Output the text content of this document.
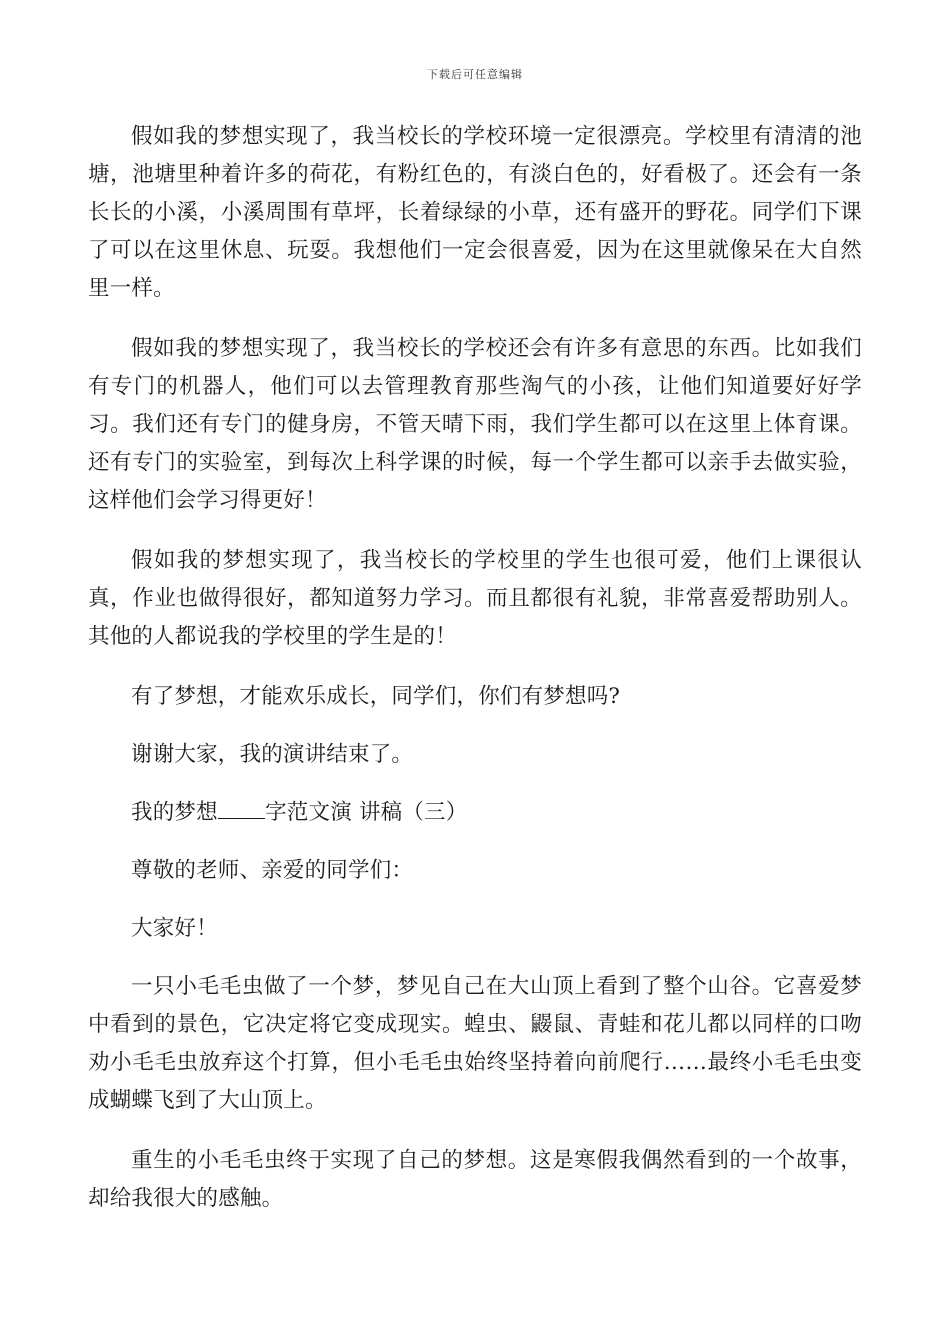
下载后可任意编辑

假如我的梦想实现了，我当校长的学校环境一定很漂亮。学校里有清清的池塘，池塘里种着许多的荷花，有粉红色的，有淡白色的，好看极了。还会有一条长长的小溪，小溪周围有草坪，长着绿绿的小草，还有盛开的野花。同学们下课了可以在这里休息、玩耍。我想他们一定会很喜爱，因为在这里就像呆在大自然里一样。

假如我的梦想实现了，我当校长的学校还会有许多有意思的东西。比如我们有专门的机器人，他们可以去管理教育那些淘气的小孩，让他们知道要好好学习。我们还有专门的健身房，不管天晴下雨，我们学生都可以在这里上体育课。还有专门的实验室，到每次上科学课的时候，每一个学生都可以亲手去做实验，这样他们会学习得更好！

假如我的梦想实现了，我当校长的学校里的学生也很可爱，他们上课很认真，作业也做得很好，都知道努力学习。而且都很有礼貌，非常喜爱帮助别人。其他的人都说我的学校里的学生是的！

有了梦想，才能欢乐成长，同学们，你们有梦想吗?

谢谢大家，我的演讲结束了。

我的梦想 字范文演 讲稿（三）

尊敬的老师、亲爱的同学们：

大家好！

一只小毛毛虫做了一个梦，梦见自己在大山顶上看到了整个山谷。它喜爱梦中看到的景色，它决定将它变成现实。蝗虫、鼹鼠、青蛙和花儿都以同样的口吻劝小毛毛虫放弃这个打算，但小毛毛虫始终坚持着向前爬行……最终小毛毛虫变成蝴蝶飞到了大山顶上。

重生的小毛毛虫终于实现了自己的梦想。这是寒假我偶然看到的一个故事，却给我很大的感触。
